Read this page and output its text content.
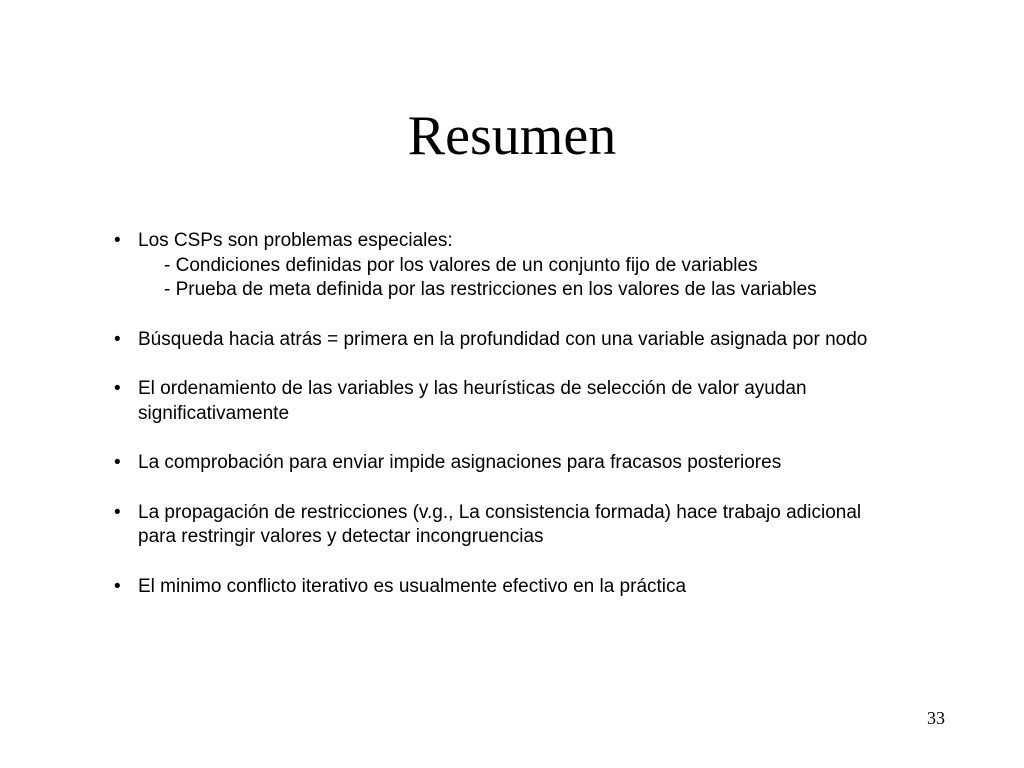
Resumen
• Los CSPs son problemas especiales:
- Condiciones definidas por los valores de un conjunto fijo de variables
- Prueba de meta definida por las restricciones en los valores de las variables
• Búsqueda hacia atrás = primera en la profundidad con una variable asignada por nodo
• El ordenamiento de las variables y las heurísticas de selección de valor ayudan significativamente
• La comprobación para enviar impide asignaciones para fracasos posteriores
• La propagación de restricciones (v.g., La consistencia formada) hace trabajo adicional para restringir valores y detectar incongruencias
• El minimo conflicto iterativo es usualmente efectivo en la práctica
33
